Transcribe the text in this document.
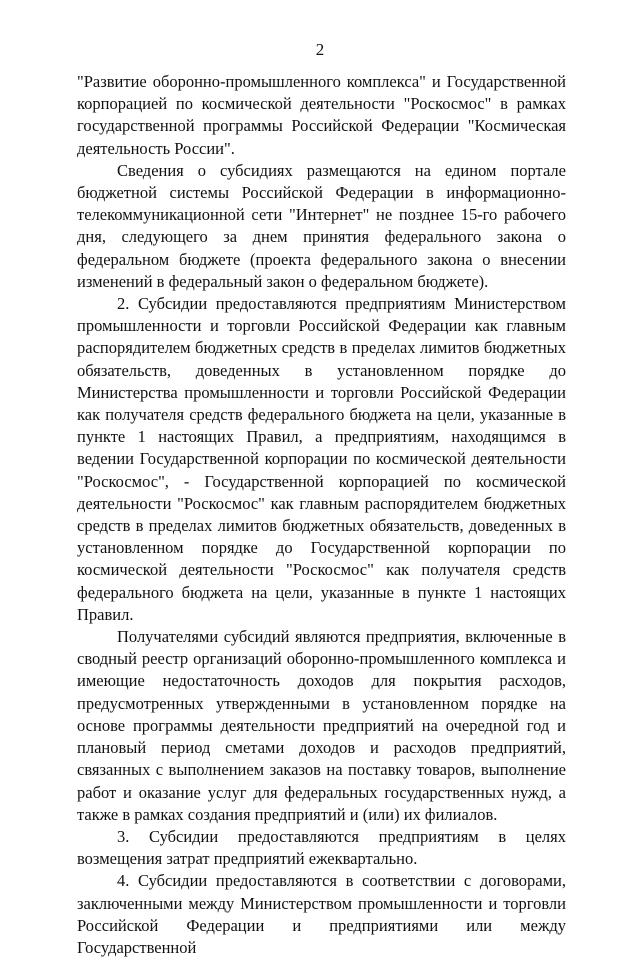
2

"Развитие оборонно-промышленного комплекса" и Государственной корпорацией по космической деятельности "Роскосмос" в рамках государственной программы Российской Федерации "Космическая деятельность России".

Сведения о субсидиях размещаются на едином портале бюджетной системы Российской Федерации в информационно-телекоммуникационной сети "Интернет" не позднее 15-го рабочего дня, следующего за днем принятия федерального закона о федеральном бюджете (проекта федерального закона о внесении изменений в федеральный закон о федеральном бюджете).

2. Субсидии предоставляются предприятиям Министерством промышленности и торговли Российской Федерации как главным распорядителем бюджетных средств в пределах лимитов бюджетных обязательств, доведенных в установленном порядке до Министерства промышленности и торговли Российской Федерации как получателя средств федерального бюджета на цели, указанные в пункте 1 настоящих Правил, а предприятиям, находящимся в ведении Государственной корпорации по космической деятельности "Роскосмос", - Государственной корпорацией по космической деятельности "Роскосмос" как главным распорядителем бюджетных средств в пределах лимитов бюджетных обязательств, доведенных в установленном порядке до Государственной корпорации по космической деятельности "Роскосмос" как получателя средств федерального бюджета на цели, указанные в пункте 1 настоящих Правил.

Получателями субсидий являются предприятия, включенные в сводный реестр организаций оборонно-промышленного комплекса и имеющие недостаточность доходов для покрытия расходов, предусмотренных утвержденными в установленном порядке на основе программы деятельности предприятий на очередной год и плановый период сметами доходов и расходов предприятий, связанных с выполнением заказов на поставку товаров, выполнение работ и оказание услуг для федеральных государственных нужд, а также в рамках создания предприятий и (или) их филиалов.

3. Субсидии предоставляются предприятиям в целях возмещения затрат предприятий ежеквартально.

4. Субсидии предоставляются в соответствии с договорами, заключенными между Министерством промышленности и торговли Российской Федерации и предприятиями или между Государственной
